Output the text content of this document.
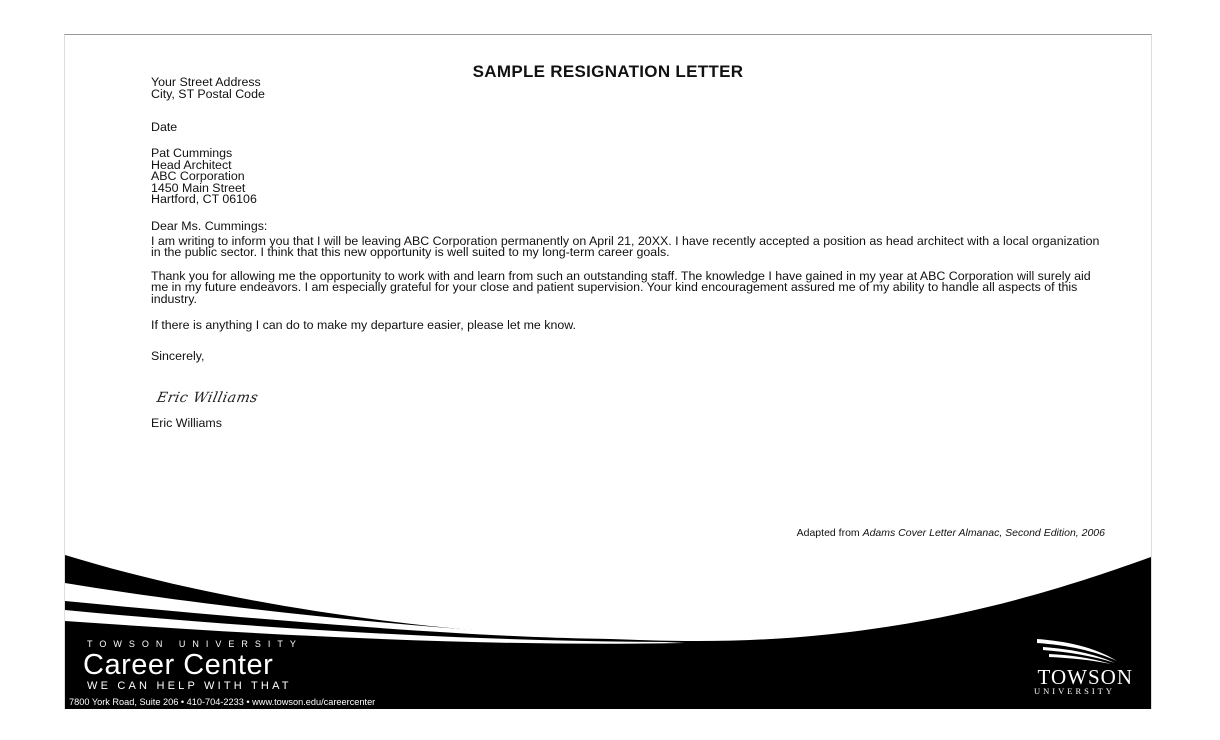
SAMPLE RESIGNATION LETTER
Your Street Address
City, ST Postal Code
Date
Pat Cummings
Head Architect
ABC Corporation
1450 Main Street
Hartford, CT 06106
Dear Ms. Cummings:

I am writing to inform you that I will be leaving ABC Corporation permanently on April 21, 20XX. I have recently accepted a position as head architect with a local organization in the public sector. I think that this new opportunity is well suited to my long-term career goals.

Thank you for allowing me the opportunity to work with and learn from such an outstanding staff. The knowledge I have gained in my year at ABC Corporation will surely aid me in my future endeavors. I am especially grateful for your close and patient supervision. Your kind encouragement assured me of my ability to handle all aspects of this industry.

If there is anything I can do to make my departure easier, please let me know.

Sincerely,
Eric Williams
Eric Williams
Adapted from Adams Cover Letter Almanac, Second Edition, 2006
TOWSON UNIVERSITY
Career Center
WE CAN HELP WITH THAT
7800 York Road, Suite 206 • 410-704-2233 • www.towson.edu/careercenter
TOWSON
UNIVERSITY
